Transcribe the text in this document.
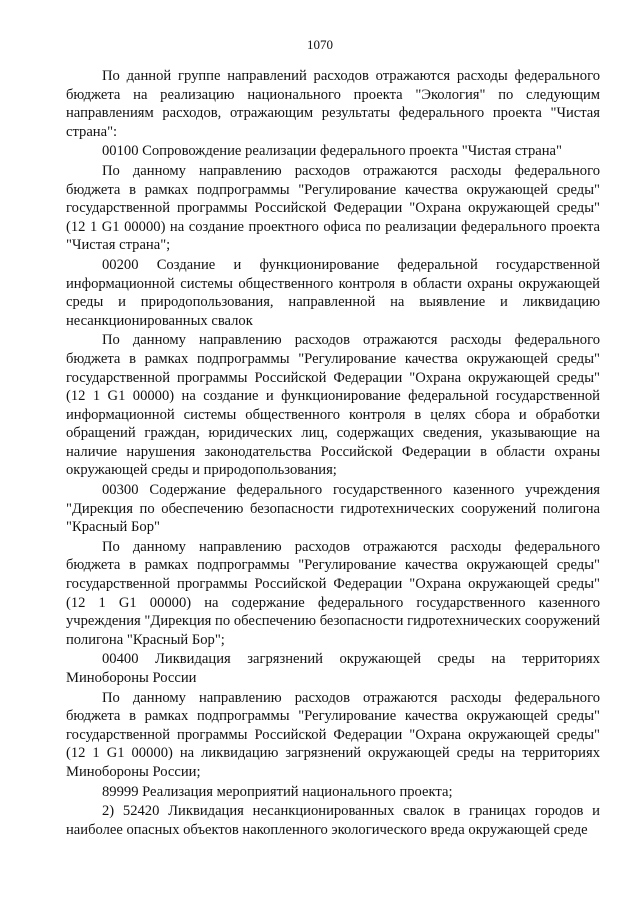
1070

По данной группе направлений расходов отражаются расходы федерального бюджета на реализацию национального проекта "Экология" по следующим направлениям расходов, отражающим результаты федерального проекта "Чистая страна":

00100 Сопровождение реализации федерального проекта "Чистая страна"

По данному направлению расходов отражаются расходы федерального бюджета в рамках подпрограммы "Регулирование качества окружающей среды" государственной программы Российской Федерации "Охрана окружающей среды" (12 1 G1 00000) на создание проектного офиса по реализации федерального проекта "Чистая страна";

00200 Создание и функционирование федеральной государственной информационной системы общественного контроля в области охраны окружающей среды и природопользования, направленной на выявление и ликвидацию несанкционированных свалок

По данному направлению расходов отражаются расходы федерального бюджета в рамках подпрограммы "Регулирование качества окружающей среды" государственной программы Российской Федерации "Охрана окружающей среды" (12 1 G1 00000) на создание и функционирование федеральной государственной информационной системы общественного контроля в целях сбора и обработки обращений граждан, юридических лиц, содержащих сведения, указывающие на наличие нарушения законодательства Российской Федерации в области охраны окружающей среды и природопользования;

00300 Содержание федерального государственного казенного учреждения "Дирекция по обеспечению безопасности гидротехнических сооружений полигона "Красный Бор"

По данному направлению расходов отражаются расходы федерального бюджета в рамках подпрограммы "Регулирование качества окружающей среды" государственной программы Российской Федерации "Охрана окружающей среды" (12 1 G1 00000) на содержание федерального государственного казенного учреждения "Дирекция по обеспечению безопасности гидротехнических сооружений полигона "Красный Бор";

00400 Ликвидация загрязнений окружающей среды на территориях Минобороны России

По данному направлению расходов отражаются расходы федерального бюджета в рамках подпрограммы "Регулирование качества окружающей среды" государственной программы Российской Федерации "Охрана окружающей среды" (12 1 G1 00000) на ликвидацию загрязнений окружающей среды на территориях Минобороны России;

89999 Реализация мероприятий национального проекта;

2) 52420 Ликвидация несанкционированных свалок в границах городов и наиболее опасных объектов накопленного экологического вреда окружающей среде
